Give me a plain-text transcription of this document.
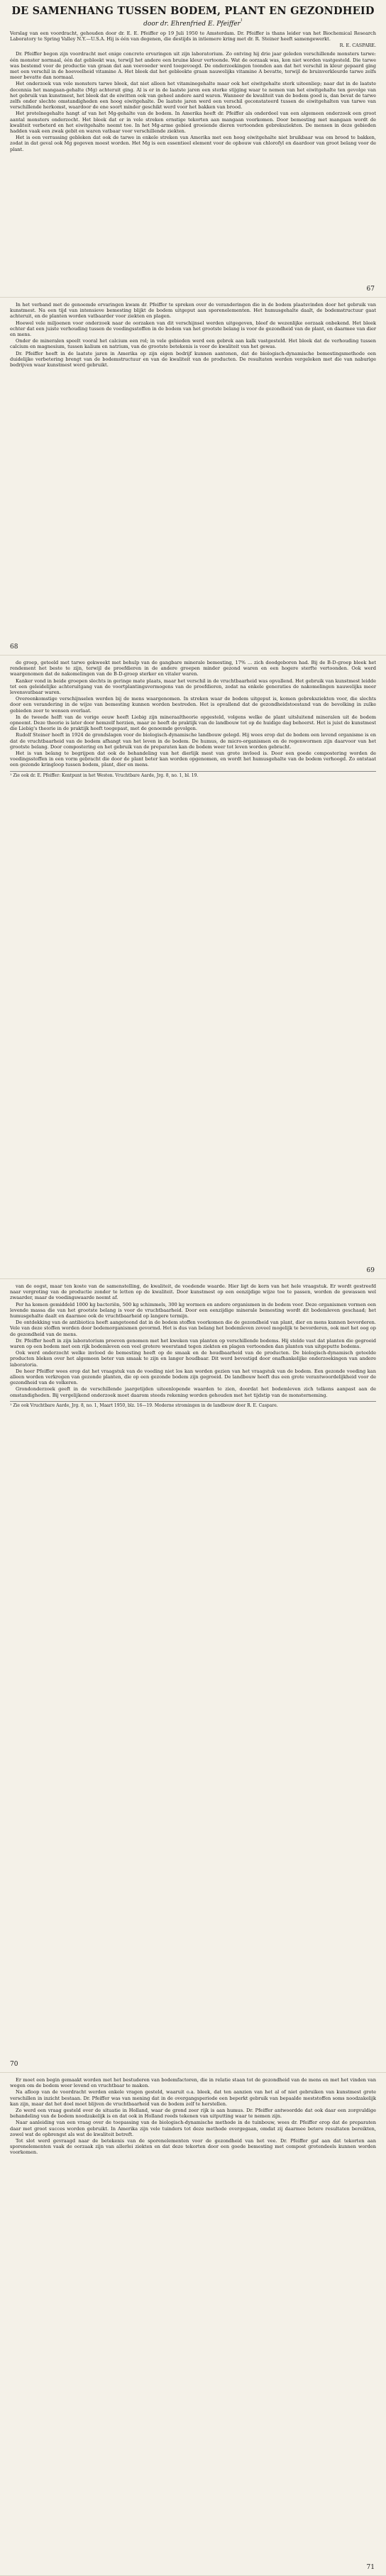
DE SAMENHANG TUSSEN BODEM, PLANT EN GEZONDHEID
door dr. Ehrenfried E. Pfeiffer$^{^1}$
Verslag van een voordracht, gehouden door dr. E. E. Pfeiffer op 19 Juli 1950 te Amsterdam. Dr. Pfeiffer is thans leider van het Biochemical Research Laboratory te Spring Valley N.Y.—U.S.A. Hij is één van degenen, die destijds in intiemere kring met dr. R. Steiner heeft samengewerkt.
R. E. CASPARE.

Dr. Pfeiffer begon zijn voordracht met enige concrete ervaringen uit zijn laboratorium. Zo ontving hij drie jaar geleden verschillende monsters tarwe: één monster normaal, één dat gebleekt was, terwijl het andere een bruine kleur vertoonde. Wat de oorzaak was, kon niet worden vastgesteld. Die tarwe was bestemd voor de productie van graan dat aan veevoeder werd toegevoegd. De onderzoekingen toonden aan dat het verschil in kleur gepaard ging met een verschil in de hoeveelheid vitamine A. Het bleek dat het gebleekte graan nauwelijks vitamine A bevatte, terwijl de bruinverkleurde tarwe zelfs meer bevatte dan normaal.

Het onderzoek van vele monsters tarwe bleek, dat niet alleen het vitaminegehalte maar ook het eiwitgehalte sterk uiteenliep; naar dat in de laatste decennia het mangaan-gehalte (Mg) achteruit ging. Al is er in de laatste jaren een sterke stijging waar te nemen van het eiwitgehalte ten gevolge van het gebruik van kunstmest, het bleek dat de eiwitten ook van geheel andere aard waren. Wanneer de kwaliteit van de bodem goed is, dan bevat de tarwe zelfs onder slechte omstandigheden een hoog eiwitgehalte. De laatste jaren werd een verschil geconstateerd tussen de eiwitgehalten van tarwe van verschillende herkomst, waardoor de ene soort minder geschikt werd voor het bakken van brood.

Het proteïnegehalte hangt af van het Mg-gehalte van de bodem. In Amerika heeft dr. Pfeiffer als onderdeel van een algemeen onderzoek een groot aantal monsters onderzocht. Het bleek dat er in vele streken ernstige tekorten aan mangaan voorkomen. Door bemesting met mangaan wordt de kwaliteit verbeterd en het eiwitgehalte neemt toe. In het Mg-arme gebied groeiende dieren vertoonden gebreksziekten. De mensen in deze gebieden hadden vaak een zwak gebit en waren vatbaar voor verschillende ziekten.

Het is een verrassing gebleken dat ook de tarwe in enkele streken van Amerika met een hoog eiwitgehalte niet bruikbaar was om brood te bakken, zodat in dat geval ook Mg gegeven moest worden. Het Mg is een essentieel element voor de opbouw van chlorofyl en daardoor van groot belang voor de plant.

67

In het verband met de genoemde ervaringen kwam dr. Pfeiffer te spreken over de veranderingen die in de bodem plaatsvinden door het gebruik van kunstmest. Na een tijd van intensieve bemesting blijkt de bodem uitgeput aan sporenelementen. Het humusgehalte daalt, de bodemstructuur gaat achteruit, en de planten worden vatbaarder voor ziekten en plagen.

Hoewel vele miljoenen voor onderzoek naar de oorzaken van dit verschijnsel werden uitgegeven, bleef de wezenlijke oorzaak onbekend. Het bleek echter dat een juiste verhouding tussen de voedingsstoffen in de bodem van het grootste belang is voor de gezondheid van de plant, en daarmee van dier en mens.

Onder de mineralen speelt vooral het calcium een rol; in vele gebieden werd een gebrek aan kalk vastgesteld. Het bleek dat de verhouding tussen calcium en magnesium, tussen kalium en natrium, van de grootste betekenis is voor de kwaliteit van het gewas.

Dr. Pfeiffer heeft in de laatste jaren in Amerika op zijn eigen bedrijf kunnen aantonen, dat de biologisch-dynamische bemestingsmethode een duidelijke verbetering brengt van de bodemstructuur en van de kwaliteit van de producten. De resultaten werden vergeleken met die van naburige bedrijven waar kunstmest werd gebruikt.

68

de groep, geteeld met tarwe gekweekt met behulp van de gangbare minerale bemesting, 17% ... zich doodgeboren had. Bij de B-D-groep bleek het rendement het beste te zijn, terwijl de proefdieren in de andere groepen minder gezond waren en een hogere sterfte vertoonden. Ook werd waargenomen dat de nakomelingen van de B-D-groep sterker en vitaler waren.

Kanker vond in beide groepen slechts in geringe mate plaats, maar het verschil in de vruchtbaarheid was opvallend. Het gebruik van kunstmest leidde tot een geleidelijke achteruitgang van de voortplantingsvermogens van de proefdieren, zodat na enkele generaties de nakomelingen nauwelijks meer levensvatbaar waren.

Overeenkomstige verschijnselen werden bij de mens waargenomen. In streken waar de bodem uitgeput is, komen gebreksziekten voor, die slechts door een verandering in de wijze van bemesting kunnen worden bestreden. Het is opvallend dat de gezondheidstoestand van de bevolking in zulke gebieden zeer te wensen overlaat.

In de tweede helft van de vorige eeuw heeft Liebig zijn mineraaltheorie opgesteld, volgens welke de plant uitsluitend mineralen uit de bodem opneemt. Deze theorie is later door hemzelf herzien, maar ze heeft de praktijk van de landbouw tot op de huidige dag beheerst. Het is juist de kunstmest die Liebig's theorie in de praktijk heeft toegepast, met de genoemde gevolgen.

Rudolf Steiner heeft in 1924 de grondslagen voor de biologisch-dynamische landbouw gelegd. Hij wees erop dat de bodem een levend organisme is en dat de vruchtbaarheid van de bodem afhangt van het leven in de bodem. De humus, de micro-organismen en de regenwormen zijn daarvoor van het grootste belang. Door compostering en het gebruik van de preparaten kan de bodem weer tot leven worden gebracht.

Het is van belang te begrijpen dat ook de behandeling van het dierlijk mest van grote invloed is. Door een goede compostering worden de voedingsstoffen in een vorm gebracht die door de plant beter kan worden opgenomen, en wordt het humusgehalte van de bodem verhoogd. Zo ontstaat een gezonde kringloop tussen bodem, plant, dier en mens.

¹ Zie ook dr. E. Pfeiffer: Kentpunt in het Westen. Vruchtbare Aarde, Jrg. 8, no. 1, bl. 19.
69

van de oogst, maar ten koste van de samenstelling, de kwaliteit, de voedende waarde. Hier ligt de kern van het hele vraagstuk. Er wordt gestreefd naar vergroting van de productie zonder te letten op de kwaliteit. Door kunstmest op een eenzijdige wijze toe te passen, worden de gewassen wel zwaarder, maar de voedingswaarde neemt af.

Per ha komen gemiddeld 1000 kg bacteriën, 500 kg schimmels, 300 kg wormen en andere organismen in de bodem voor. Deze organismen vormen een levende massa die van het grootste belang is voor de vruchtbaarheid. Door een eenzijdige minerale bemesting wordt dit bodemleven geschaad; het humusgehalte daalt en daarmee ook de vruchtbaarheid op langere termijn.

De ontdekking van de antibiotica heeft aangetoond dat in de bodem stoffen voorkomen die de gezondheid van plant, dier en mens kunnen bevorderen. Vele van deze stoffen worden door bodemorganismen gevormd. Het is dus van belang het bodemleven zoveel mogelijk te bevorderen, ook met het oog op de gezondheid van de mens.

Dr. Pfeiffer heeft in zijn laboratorium proeven genomen met het kweken van planten op verschillende bodems. Hij stelde vast dat planten die gegroeid waren op een bodem met een rijk bodemleven een veel grotere weerstand tegen ziekten en plagen vertoonden dan planten van uitgeputte bodems.

Ook werd onderzocht welke invloed de bemesting heeft op de smaak en de houdbaarheid van de producten. De biologisch-dynamisch geteelde producten bleken over het algemeen beter van smaak te zijn en langer houdbaar. Dit werd bevestigd door onafhankelijke onderzoekingen van andere laboratoria.

De heer Pfeiffer wees erop dat het vraagstuk van de voeding niet los kan worden gezien van het vraagstuk van de bodem. Een gezonde voeding kan alleen worden verkregen van gezonde planten, die op een gezonde bodem zijn gegroeid. De landbouw heeft dus een grote verantwoordelijkheid voor de gezondheid van de volkeren.

Grondonderzoek geeft in de verschillende jaargetijden uiteenlopende waarden te zien, doordat het bodemleven zich telkens aanpast aan de omstandigheden. Bij vergelijkend onderzoek moet daarom steeds rekening worden gehouden met het tijdstip van de monsterneming.

¹ Zie ook Vruchtbare Aarde, Jrg. 8, no. 1, Maart 1950, blz. 16—19. Moderne stromingen in de landbouw door R. E. Caspare.
70

Er moet een begin gemaakt worden met het bestuderen van bodemfactoren, die in relatie staan tot de gezondheid van de mens en met het vinden van wegen om de bodem weer levend en vruchtbaar te maken.

Na afloop van de voordracht werden enkele vragen gesteld, waaruit o.a. bleek, dat ten aanzien van het al of niet gebruiken van kunstmest grote verschillen in inzicht bestaan. Dr. Pfeiffer was van mening dat in de overgangsperiode een beperkt gebruik van bepaalde meststoffen soms noodzakelijk kan zijn, maar dat het doel moet blijven de vruchtbaarheid van de bodem zelf te herstellen.

Zo werd een vraag gesteld over de situatie in Holland, waar de grond zeer rijk is aan humus. Dr. Pfeiffer antwoordde dat ook daar een zorgvuldige behandeling van de bodem noodzakelijk is en dat ook in Holland reeds tekenen van uitputting waar te nemen zijn.

Naar aanleiding van een vraag over de toepassing van de biologisch-dynamische methode in de tuinbouw, wees dr. Pfeiffer erop dat de preparaten daar met groot succes worden gebruikt. In Amerika zijn vele tuinders tot deze methode overgegaan, omdat zij daarmee betere resultaten bereikten, zowel wat de opbrengst als wat de kwaliteit betreft.

Tot slot werd gevraagd naar de betekenis van de sporenelementen voor de gezondheid van het vee. Dr. Pfeiffer gaf aan dat tekorten aan sporenelementen vaak de oorzaak zijn van allerlei ziekten en dat deze tekorten door een goede bemesting met compost grotendeels kunnen worden voorkomen.

71
